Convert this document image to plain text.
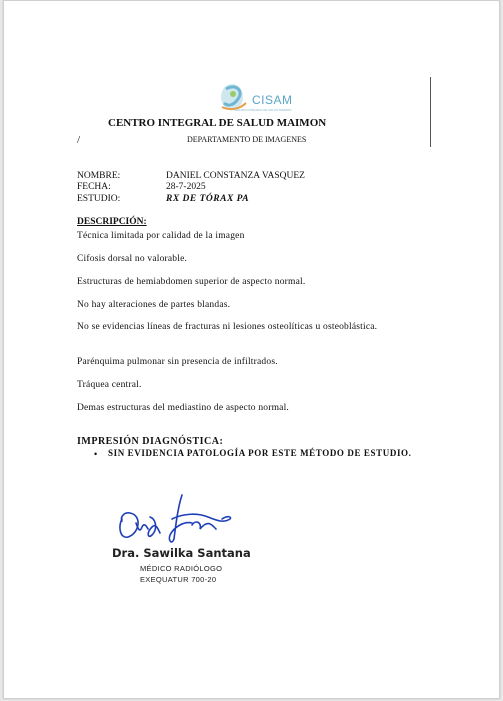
CISAM
CENTRO INTEGRAL DE SALUD MAIMON
CENTRO INTEGRAL DE SALUD MAIMON
/	DEPARTAMENTO DE IMAGENES
NOMBRE:	DANIEL CONSTANZA VASQUEZ
FECHA:	28-7-2025
ESTUDIO:	RX DE TÓRAX PA
DESCRIPCIÓN:
Técnica limitada por calidad de la imagen
Cifosis dorsal no valorable.
Estructuras de hemiabdomen superior de aspecto normal.
No hay alteraciones de partes blandas.
No se evidencias líneas de fracturas ni lesiones osteolíticas u osteoblástica.
Parénquima pulmonar sin presencia de infiltrados.
Tráquea central.
Demas estructuras del mediastino de aspecto normal.
IMPRESIÓN DIAGNÓSTICA:
• SIN EVIDENCIA PATOLOGÍA POR ESTE MÉTODO DE ESTUDIO.
Dra. Sawilka Santana
MÉDICO RADIÓLOGO
EXEQUATUR 700-20
